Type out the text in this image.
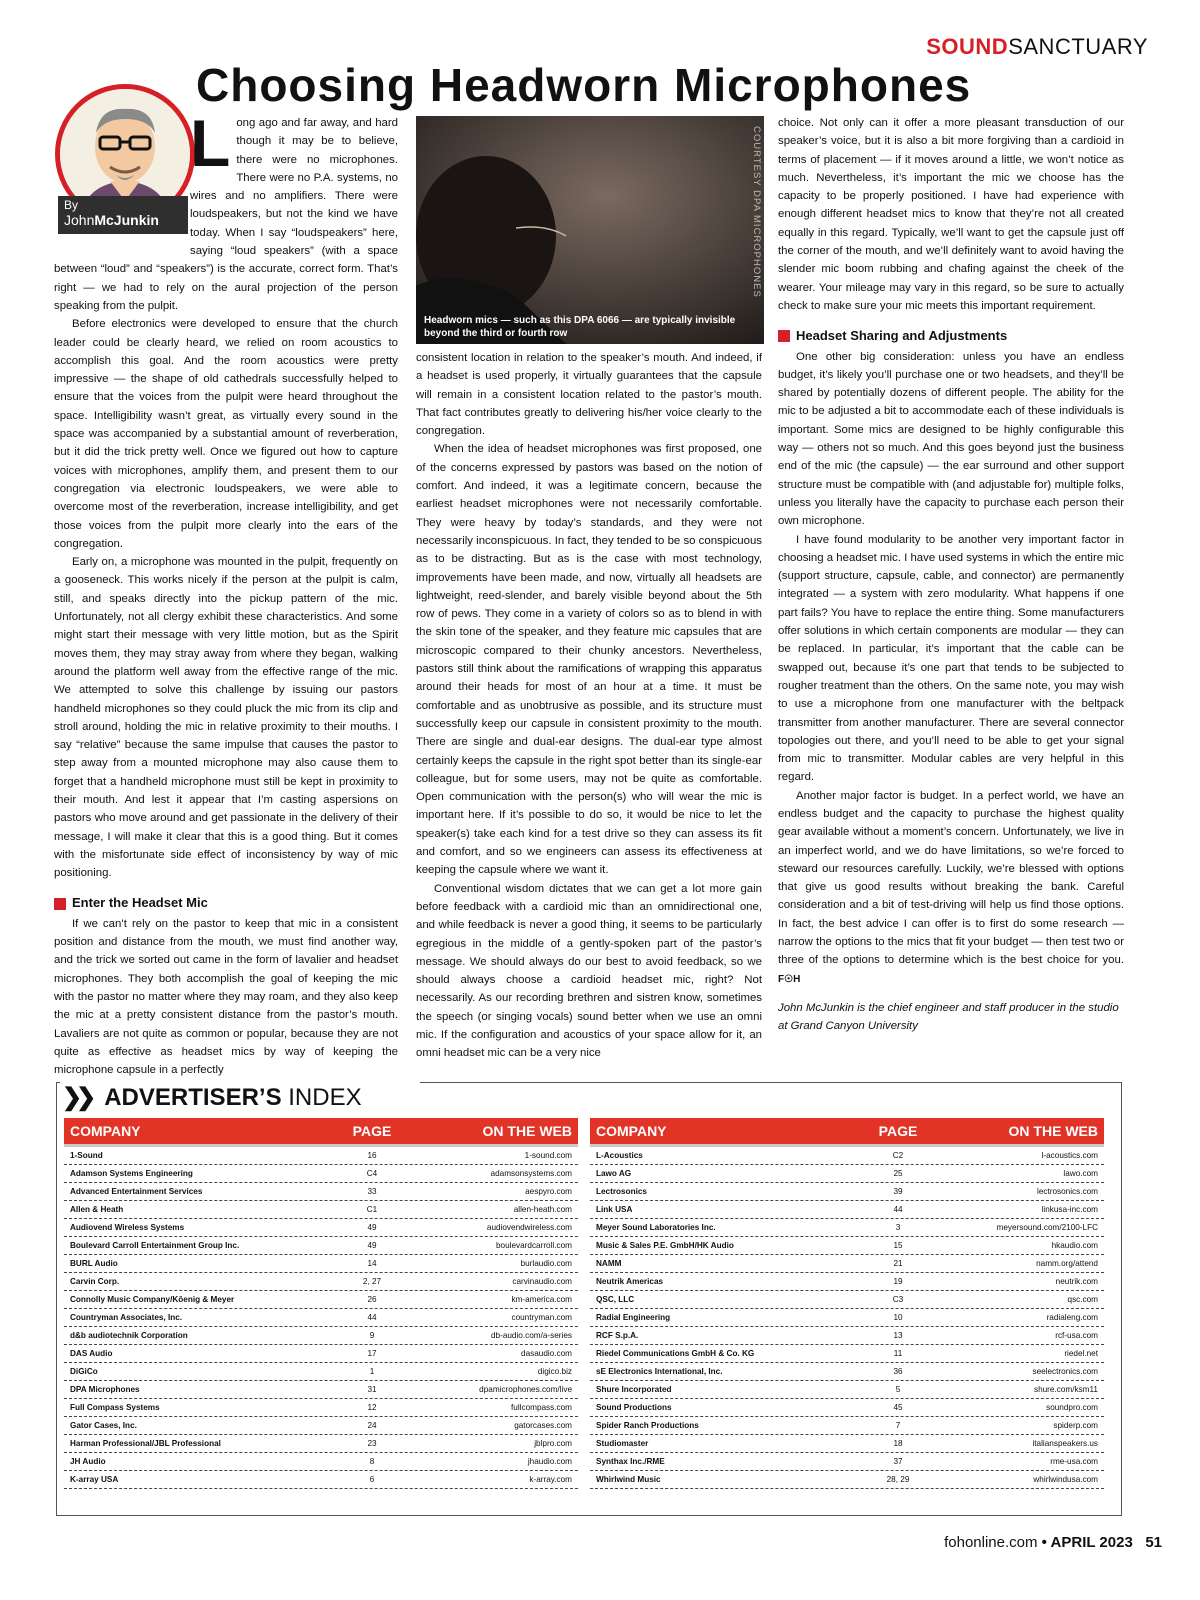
SOUNDSANCTUARY
Choosing Headworn Microphones
By
JohnMcJunkin
L ong ago and far away, and hard though it may be to believe, there were no microphones. There were no P.A. systems, no wires and no amplifiers. There were loudspeakers, but not the kind we have today. When I say “loudspeakers” here, saying “loud speakers” (with a space between “loud” and “speakers”) is the accurate, correct form. That’s right — we had to rely on the aural projection of the person speaking from the pulpit.

Before electronics were developed to ensure that the church leader could be clearly heard, we relied on room acoustics to accomplish this goal. And the room acoustics were pretty impressive — the shape of old cathedrals successfully helped to ensure that the voices from the pulpit were heard throughout the space. Intelligibility wasn’t great, as virtually every sound in the space was accompanied by a substantial amount of reverberation, but it did the trick pretty well. Once we figured out how to capture voices with microphones, amplify them, and present them to our congregation via electronic loudspeakers, we were able to overcome most of the reverberation, increase intelligibility, and get those voices from the pulpit more clearly into the ears of the congregation.

Early on, a microphone was mounted in the pulpit, frequently on a gooseneck. This works nicely if the person at the pulpit is calm, still, and speaks directly into the pickup pattern of the mic. Unfortunately, not all clergy exhibit these characteristics. And some might start their message with very little motion, but as the Spirit moves them, they may stray away from where they began, walking around the platform well away from the effective range of the mic. We attempted to solve this challenge by issuing our pastors handheld microphones so they could pluck the mic from its clip and stroll around, holding the mic in relative proximity to their mouths. I say “relative” because the same impulse that causes the pastor to step away from a mounted microphone may also cause them to forget that a handheld microphone must still be kept in proximity to their mouth. And lest it appear that I’m casting aspersions on pastors who move around and get passionate in the delivery of their message, I will make it clear that this is a good thing. But it comes with the misfortunate side effect of inconsistency by way of mic positioning.

Enter the Headset Mic

If we can’t rely on the pastor to keep that mic in a consistent position and distance from the mouth, we must find another way, and the trick we sorted out came in the form of lavalier and headset microphones. They both accomplish the goal of keeping the mic with the pastor no matter where they may roam, and they also keep the mic at a pretty consistent distance from the pastor’s mouth. Lavaliers are not quite as common or popular, because they are not quite as effective as headset mics by way of keeping the microphone capsule in a perfectly

COURTESY DPA MICROPHONES
Headworn mics — such as this DPA 6066 — are typically invisible beyond the third or fourth row

consistent location in relation to the speaker’s mouth. And indeed, if a headset is used properly, it virtually guarantees that the capsule will remain in a consistent location related to the pastor’s mouth. That fact contributes greatly to delivering his/her voice clearly to the congregation.

When the idea of headset microphones was first proposed, one of the concerns expressed by pastors was based on the notion of comfort. And indeed, it was a legitimate concern, because the earliest headset microphones were not necessarily comfortable. They were heavy by today’s standards, and they were not necessarily inconspicuous. In fact, they tended to be so conspicuous as to be distracting. But as is the case with most technology, improvements have been made, and now, virtually all headsets are lightweight, reed-slender, and barely visible beyond about the 5th row of pews. They come in a variety of colors so as to blend in with the skin tone of the speaker, and they feature mic capsules that are microscopic compared to their chunky ancestors. Nevertheless, pastors still think about the ramifications of wrapping this apparatus around their heads for most of an hour at a time. It must be comfortable and as unobtrusive as possible, and its structure must successfully keep our capsule in consistent proximity to the mouth. There are single and dual-ear designs. The dual-ear type almost certainly keeps the capsule in the right spot better than its single-ear colleague, but for some users, may not be quite as comfortable. Open communication with the person(s) who will wear the mic is important here. If it’s possible to do so, it would be nice to let the speaker(s) take each kind for a test drive so they can assess its fit and comfort, and so we engineers can assess its effectiveness at keeping the capsule where we want it.

Conventional wisdom dictates that we can get a lot more gain before feedback with a cardioid mic than an omnidirectional one, and while feedback is never a good thing, it seems to be particularly egregious in the middle of a gently-spoken part of the pastor’s message. We should always do our best to avoid feedback, so we should always choose a cardioid headset mic, right? Not necessarily. As our recording brethren and sistren know, sometimes the speech (or singing vocals) sound better when we use an omni mic. If the configuration and acoustics of your space allow for it, an omni headset mic can be a very nice

choice. Not only can it offer a more pleasant transduction of our speaker’s voice, but it is also a bit more forgiving than a cardioid in terms of placement — if it moves around a little, we won’t notice as much. Nevertheless, it’s important the mic we choose has the capacity to be properly positioned. I have had experience with enough different headset mics to know that they’re not all created equally in this regard. Typically, we’ll want to get the capsule just off the corner of the mouth, and we’ll definitely want to avoid having the slender mic boom rubbing and chafing against the cheek of the wearer. Your mileage may vary in this regard, so be sure to actually check to make sure your mic meets this important requirement.

Headset Sharing and Adjustments

One other big consideration: unless you have an endless budget, it’s likely you’ll purchase one or two headsets, and they’ll be shared by potentially dozens of different people. The ability for the mic to be adjusted a bit to accommodate each of these individuals is important. Some mics are designed to be highly configurable this way — others not so much. And this goes beyond just the business end of the mic (the capsule) — the ear surround and other support structure must be compatible with (and adjustable for) multiple folks, unless you literally have the capacity to purchase each person their own microphone.

I have found modularity to be another very important factor in choosing a headset mic. I have used systems in which the entire mic (support structure, capsule, cable, and connector) are permanently integrated — a system with zero modularity. What happens if one part fails? You have to replace the entire thing. Some manufacturers offer solutions in which certain components are modular — they can be replaced. In particular, it’s important that the cable can be swapped out, because it’s one part that tends to be subjected to rougher treatment than the others. On the same note, you may wish to use a microphone from one manufacturer with the beltpack transmitter from another manufacturer. There are several connector topologies out there, and you’ll need to be able to get your signal from mic to transmitter. Modular cables are very helpful in this regard.

Another major factor is budget. In a perfect world, we have an endless budget and the capacity to purchase the highest quality gear available without a moment’s concern. Unfortunately, we live in an imperfect world, and we do have limitations, so we’re forced to steward our resources carefully. Luckily, we’re blessed with options that give us good results without breaking the bank. Careful consideration and a bit of test-driving will help us find those options. In fact, the best advice I can offer is to first do some research — narrow the options to the mics that fit your budget — then test two or three of the options to determine which is the best choice for you. F☉H

John McJunkin is the chief engineer and staff producer in the studio at Grand Canyon University

❯❯ ADVERTISER’S INDEX
COMPANY	PAGE	ON THE WEB
1-Sound	16	1-sound.com
Adamson Systems Engineering	C4	adamsonsystems.com
Advanced Entertainment Services	33	aespyro.com
Allen & Heath	C1	allen-heath.com
Audiovend Wireless Systems	49	audiovendwireless.com
Boulevard Carroll Entertainment Group Inc.	49	boulevardcarroll.com
BURL Audio	14	burlaudio.com
Carvin Corp.	2, 27	carvinaudio.com
Connolly Music Company/Kŏenig & Meyer	26	km-america.com
Countryman Associates, Inc.	44	countryman.com
d&b audiotechnik Corporation	9	db-audio.com/a-series
DAS Audio	17	dasaudio.com
DiGiCo	1	digico.biz
DPA Microphones	31	dpamicrophones.com/live
Full Compass Systems	12	fullcompass.com
Gator Cases, Inc.	24	gatorcases.com
Harman Professional/JBL Professional	23	jblpro.com
JH Audio	8	jhaudio.com
K-array USA	6	k-array.com
COMPANY	PAGE	ON THE WEB
L-Acoustics	C2	l-acoustics.com
Lawo AG	25	lawo.com
Lectrosonics	39	lectrosonics.com
Link USA	44	linkusa-inc.com
Meyer Sound Laboratories Inc.	3	meyersound.com/2100-LFC
Music & Sales P.E. GmbH/HK Audio	15	hkaudio.com
NAMM	21	namm.org/attend
Neutrik Americas	19	neutrik.com
QSC, LLC	C3	qsc.com
Radial Engineering	10	radialeng.com
RCF S.p.A.	13	rcf-usa.com
Riedel Communications GmbH & Co. KG	11	riedel.net
sE Electronics International, Inc.	36	seelectronics.com
Shure Incorporated	5	shure.com/ksm11
Sound Productions	45	soundpro.com
Spider Ranch Productions	7	spiderp.com
Studiomaster	18	italianspeakers.us
Synthax Inc./RME	37	rme-usa.com
Whirlwind Music	28, 29	whirlwindusa.com
fohonline.com • APRIL 2023 51
